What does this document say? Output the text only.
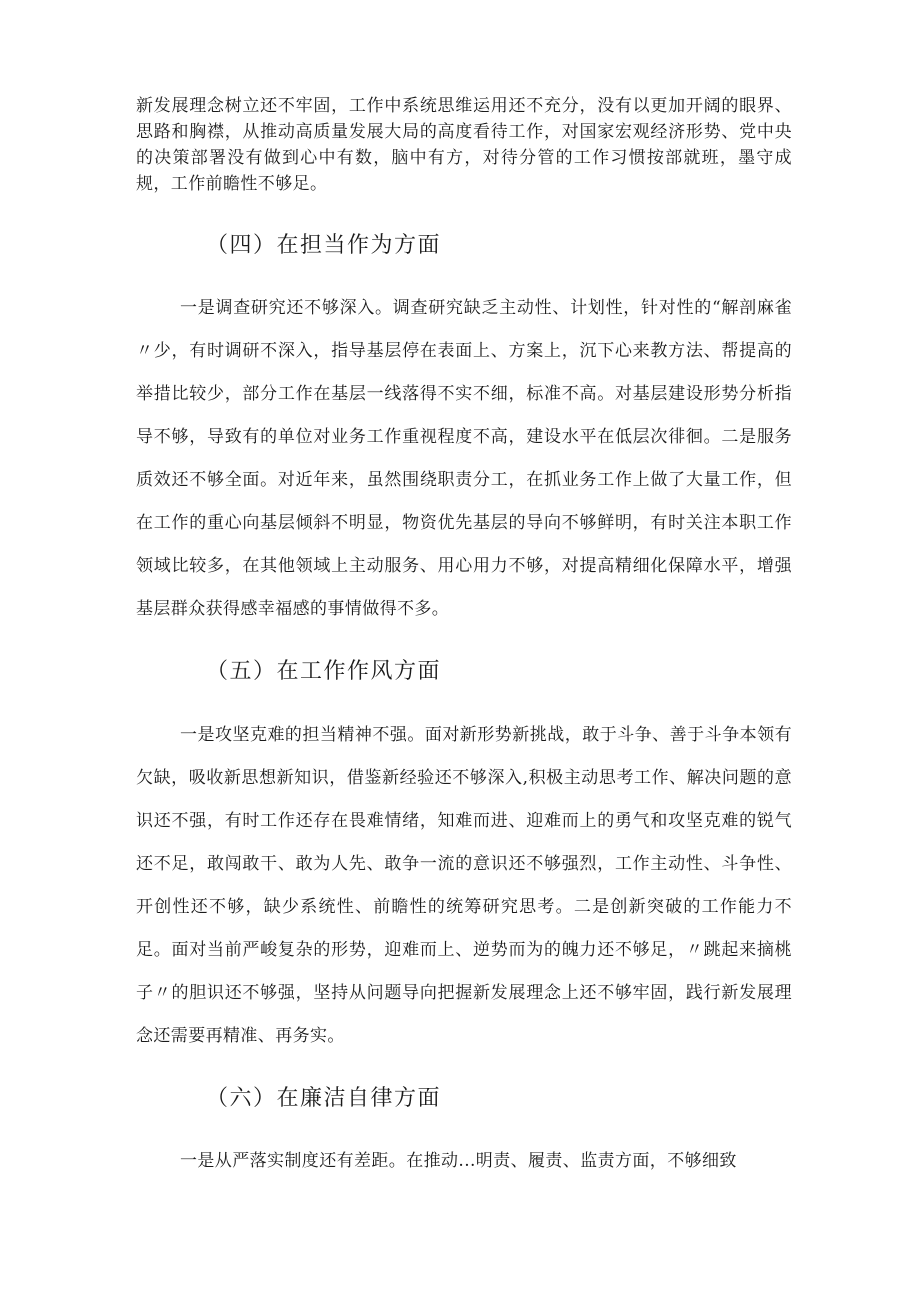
新发展理念树立还不牢固，工作中系统思维运用还不充分，没有以更加开阔的眼界、思路和胸襟，从推动高质量发展大局的高度看待工作，对国家宏观经济形势、党中央的决策部署没有做到心中有数，脑中有方，对待分管的工作习惯按部就班，墨守成规，工作前瞻性不够足。

（四）在担当作为方面

一是调查研究还不够深入。调查研究缺乏主动性、计划性，针对性的“解剖麻雀〃少，有时调研不深入，指导基层停在表面上、方案上，沉下心来教方法、帮提高的举措比较少，部分工作在基层一线落得不实不细，标准不高。对基层建设形势分析指导不够，导致有的单位对业务工作重视程度不高，建设水平在低层次徘徊。二是服务质效还不够全面。对近年来，虽然围绕职责分工，在抓业务工作上做了大量工作，但在工作的重心向基层倾斜不明显，物资优先基层的导向不够鲜明，有时关注本职工作领域比较多，在其他领域上主动服务、用心用力不够，对提高精细化保障水平，增强基层群众获得感幸福感的事情做得不多。

（五）在工作作风方面

一是攻坚克难的担当精神不强。面对新形势新挑战，敢于斗争、善于斗争本领有欠缺，吸收新思想新知识，借鉴新经验还不够深入,积极主动思考工作、解决问题的意识还不强，有时工作还存在畏难情绪，知难而进、迎难而上的勇气和攻坚克难的锐气还不足，敢闯敢干、敢为人先、敢争一流的意识还不够强烈，工作主动性、斗争性、开创性还不够，缺少系统性、前瞻性的统筹研究思考。二是创新突破的工作能力不足。面对当前严峻复杂的形势，迎难而上、逆势而为的魄力还不够足，〃跳起来摘桃子〃的胆识还不够强，坚持从问题导向把握新发展理念上还不够牢固，践行新发展理念还需要再精准、再务实。

（六）在廉洁自律方面

一是从严落实制度还有差距。在推动...明责、履责、监责方面，不够细致
